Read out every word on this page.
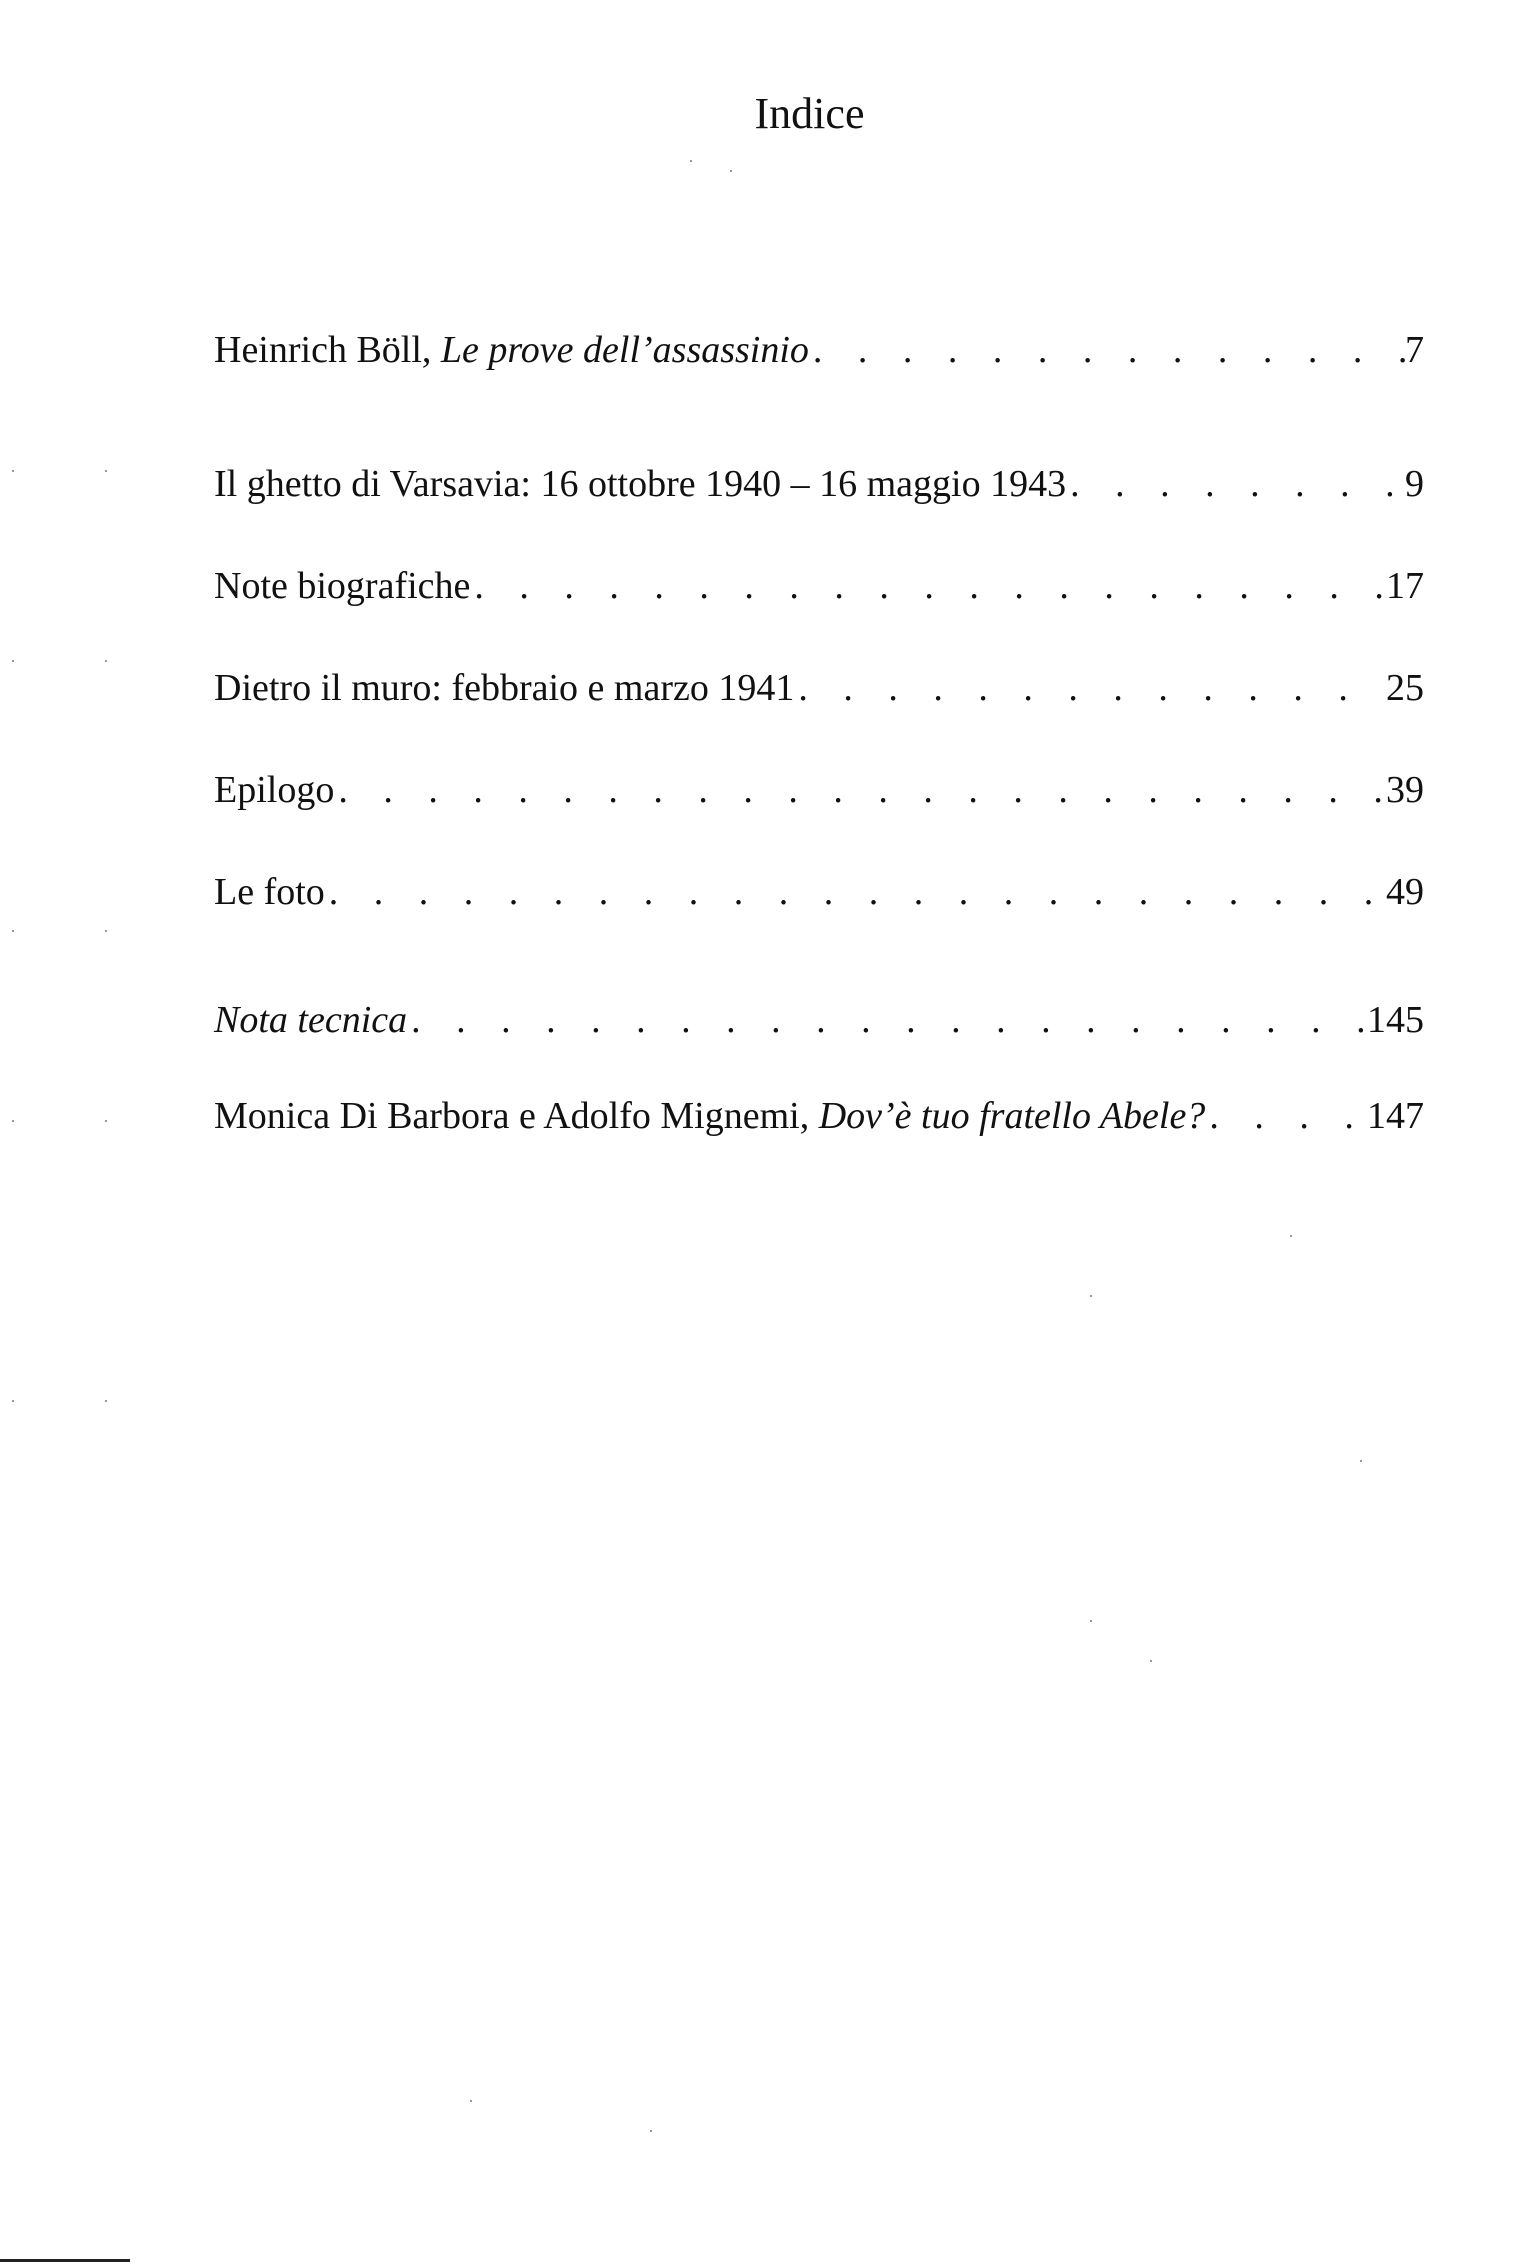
Indice
Heinrich Böll, Le prove dell’assassinio . . .	7
Il ghetto di Varsavia: 16 ottobre 1940 – 16 maggio 1943 . . .	9
Note biografiche . . .	17
Dietro il muro: febbraio e marzo 1941 . . .	25
Epilogo . . .	39
Le foto . . .	49
Nota tecnica . . .	145
Monica Di Barbora e Adolfo Mignemi, Dov’è tuo fratello Abele? . . .	147
